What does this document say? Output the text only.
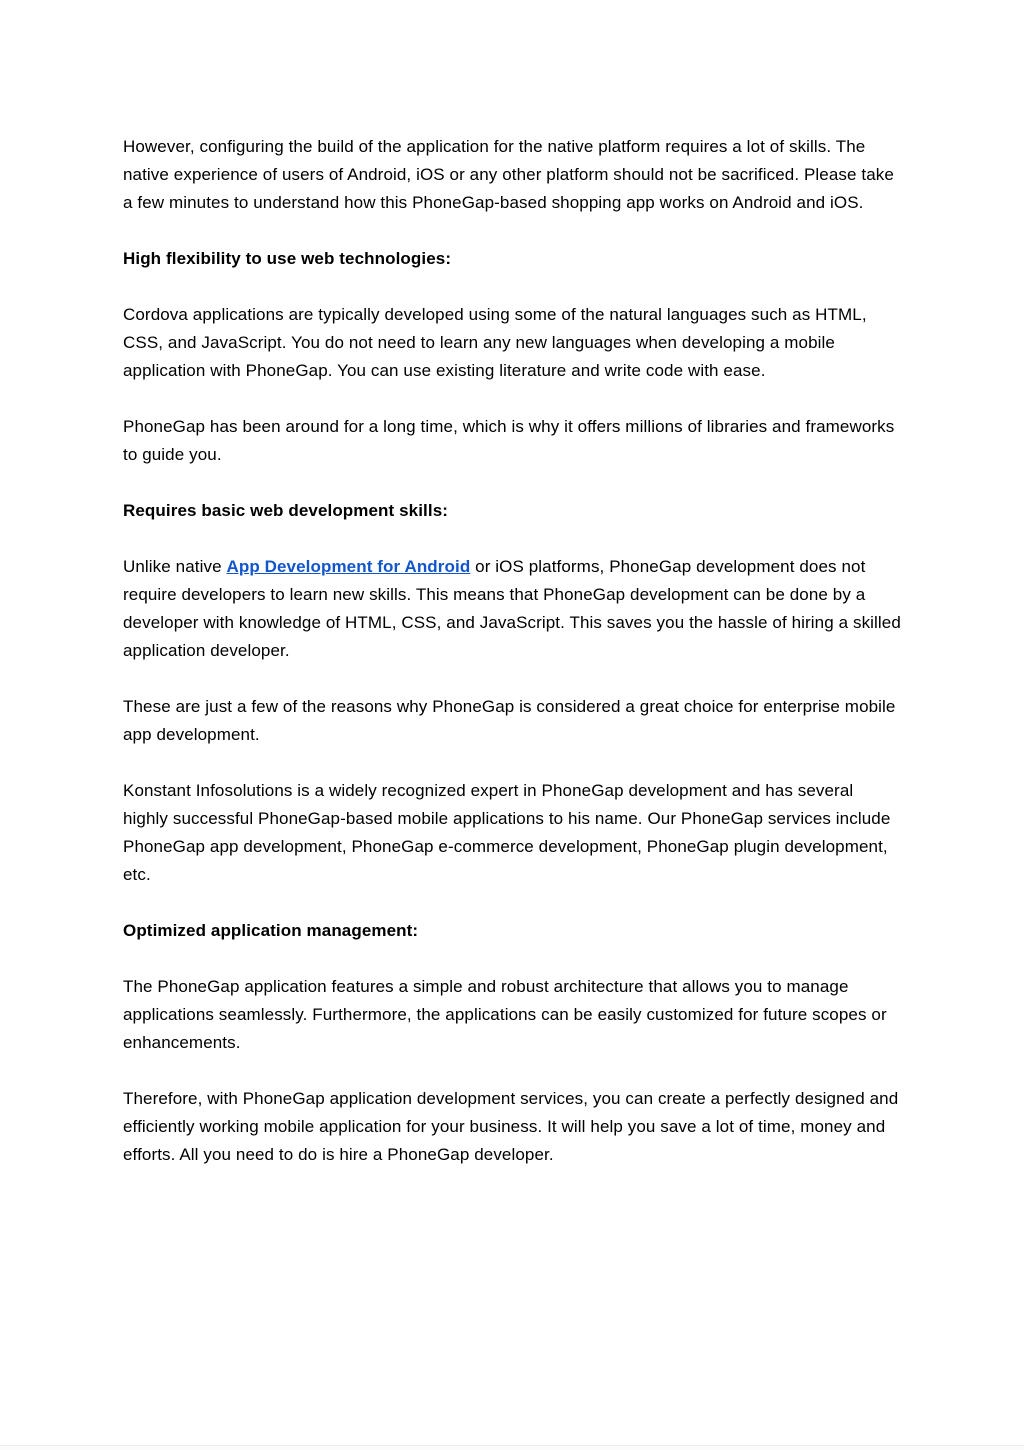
However, configuring the build of the application for the native platform requires a lot of skills. The native experience of users of Android, iOS or any other platform should not be sacrificed. Please take a few minutes to understand how this PhoneGap-based shopping app works on Android and iOS.

High flexibility to use web technologies:

Cordova applications are typically developed using some of the natural languages such as HTML, CSS, and JavaScript. You do not need to learn any new languages when developing a mobile application with PhoneGap. You can use existing literature and write code with ease.

PhoneGap has been around for a long time, which is why it offers millions of libraries and frameworks to guide you.

Requires basic web development skills:

Unlike native App Development for Android or iOS platforms, PhoneGap development does not require developers to learn new skills. This means that PhoneGap development can be done by a developer with knowledge of HTML, CSS, and JavaScript. This saves you the hassle of hiring a skilled application developer.

These are just a few of the reasons why PhoneGap is considered a great choice for enterprise mobile app development.

Konstant Infosolutions is a widely recognized expert in PhoneGap development and has several highly successful PhoneGap-based mobile applications to his name. Our PhoneGap services include PhoneGap app development, PhoneGap e-commerce development, PhoneGap plugin development, etc.

Optimized application management:

The PhoneGap application features a simple and robust architecture that allows you to manage applications seamlessly. Furthermore, the applications can be easily customized for future scopes or enhancements.

Therefore, with PhoneGap application development services, you can create a perfectly designed and efficiently working mobile application for your business. It will help you save a lot of time, money and efforts. All you need to do is hire a PhoneGap developer.
